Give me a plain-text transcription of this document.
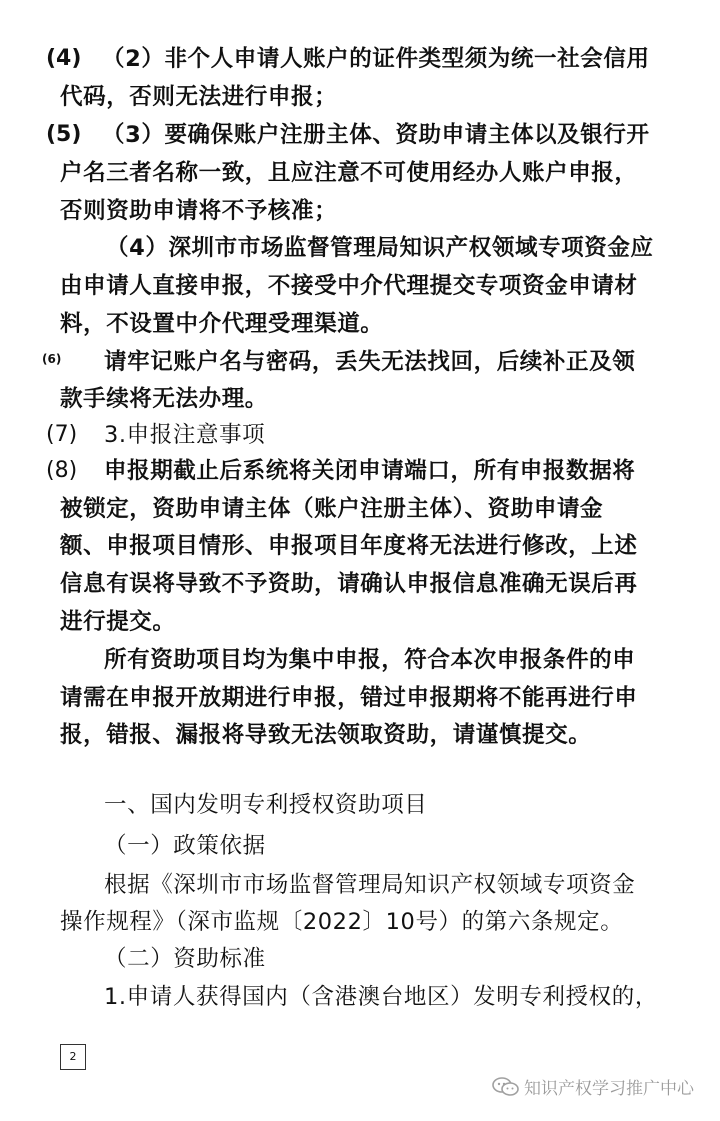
(4) （2）非个人申请人账户的证件类型须为统一社会信用
代码，否则无法进行申报；
(5) （3）要确保账户注册主体、资助申请主体以及银行开
户名三者名称一致，且应注意不可使用经办人账户申报，
否则资助申请将不予核准；
（4）深圳市市场监督管理局知识产权领域专项资金应
由申请人直接申报，不接受中介代理提交专项资金申请材
料，不设置中介代理受理渠道。
(6) 请牢记账户名与密码，丢失无法找回，后续补正及领
款手续将无法办理。
(7) 3.申报注意事项
(8) 申报期截止后系统将关闭申请端口，所有申报数据将
被锁定，资助申请主体（账户注册主体）、资助申请金
额、申报项目情形、申报项目年度将无法进行修改，上述
信息有误将导致不予资助，请确认申报信息准确无误后再
进行提交。
所有资助项目均为集中申报，符合本次申报条件的申
请需在申报开放期进行申报，错过申报期将不能再进行申
报，错报、漏报将导致无法领取资助，请谨慎提交。
一、国内发明专利授权资助项目
（一）政策依据
根据《深圳市市场监督管理局知识产权领域专项资金
操作规程》（深市监规〔2022〕10号）的第六条规定。
（二）资助标准
1.申请人获得国内（含港澳台地区）发明专利授权的，
2
知识产权学习推广中心
